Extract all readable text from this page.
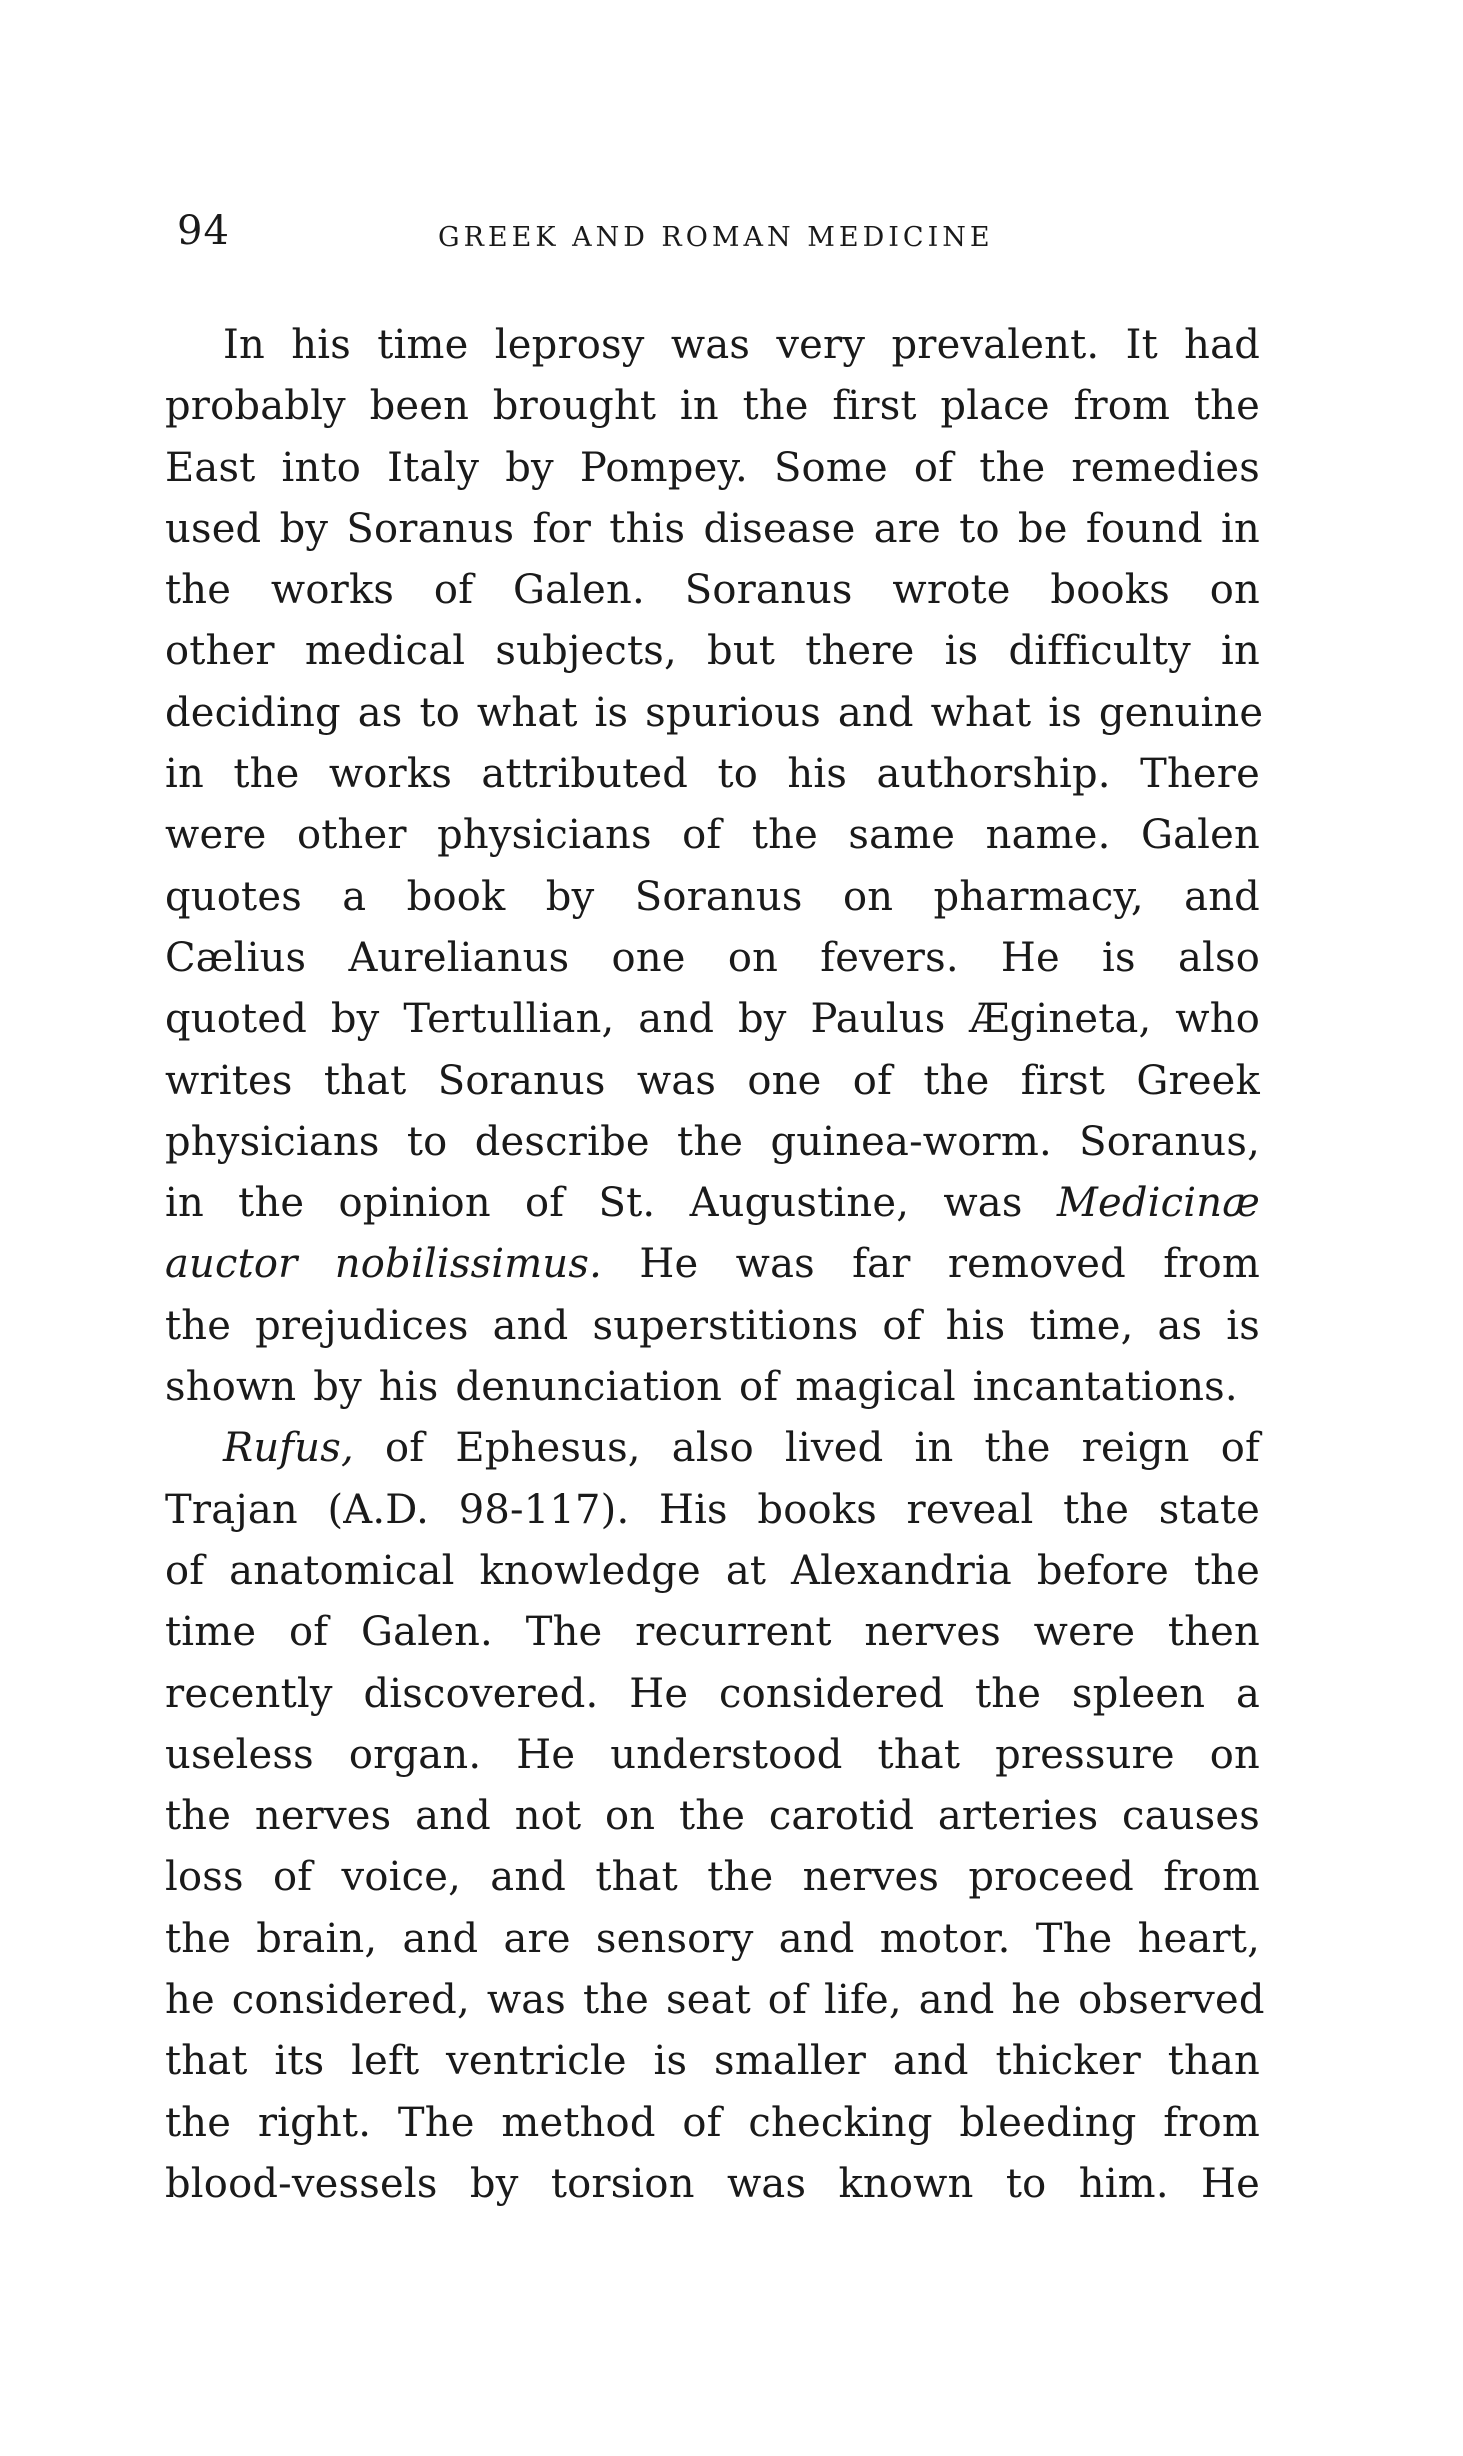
94	GREEK AND ROMAN MEDICINE
In his time leprosy was very prevalent. It had
probably been brought in the first place from the
East into Italy by Pompey. Some of the remedies
used by Soranus for this disease are to be found in
the works of Galen. Soranus wrote books on
other medical subjects, but there is difficulty in
deciding as to what is spurious and what is genuine
in the works attributed to his authorship. There
were other physicians of the same name. Galen
quotes a book by Soranus on pharmacy, and
Cælius Aurelianus one on fevers. He is also
quoted by Tertullian, and by Paulus Ægineta, who
writes that Soranus was one of the first Greek
physicians to describe the guinea-worm. Soranus,
in the opinion of St. Augustine, was Medicinæ
auctor nobilissimus. He was far removed from
the prejudices and superstitions of his time, as is
shown by his denunciation of magical incantations.
Rufus, of Ephesus, also lived in the reign of
Trajan (A.D. 98-117). His books reveal the state
of anatomical knowledge at Alexandria before the
time of Galen. The recurrent nerves were then
recently discovered. He considered the spleen a
useless organ. He understood that pressure on
the nerves and not on the carotid arteries causes
loss of voice, and that the nerves proceed from
the brain, and are sensory and motor. The heart,
he considered, was the seat of life, and he observed
that its left ventricle is smaller and thicker than
the right. The method of checking bleeding from
blood-vessels by torsion was known to him. He
